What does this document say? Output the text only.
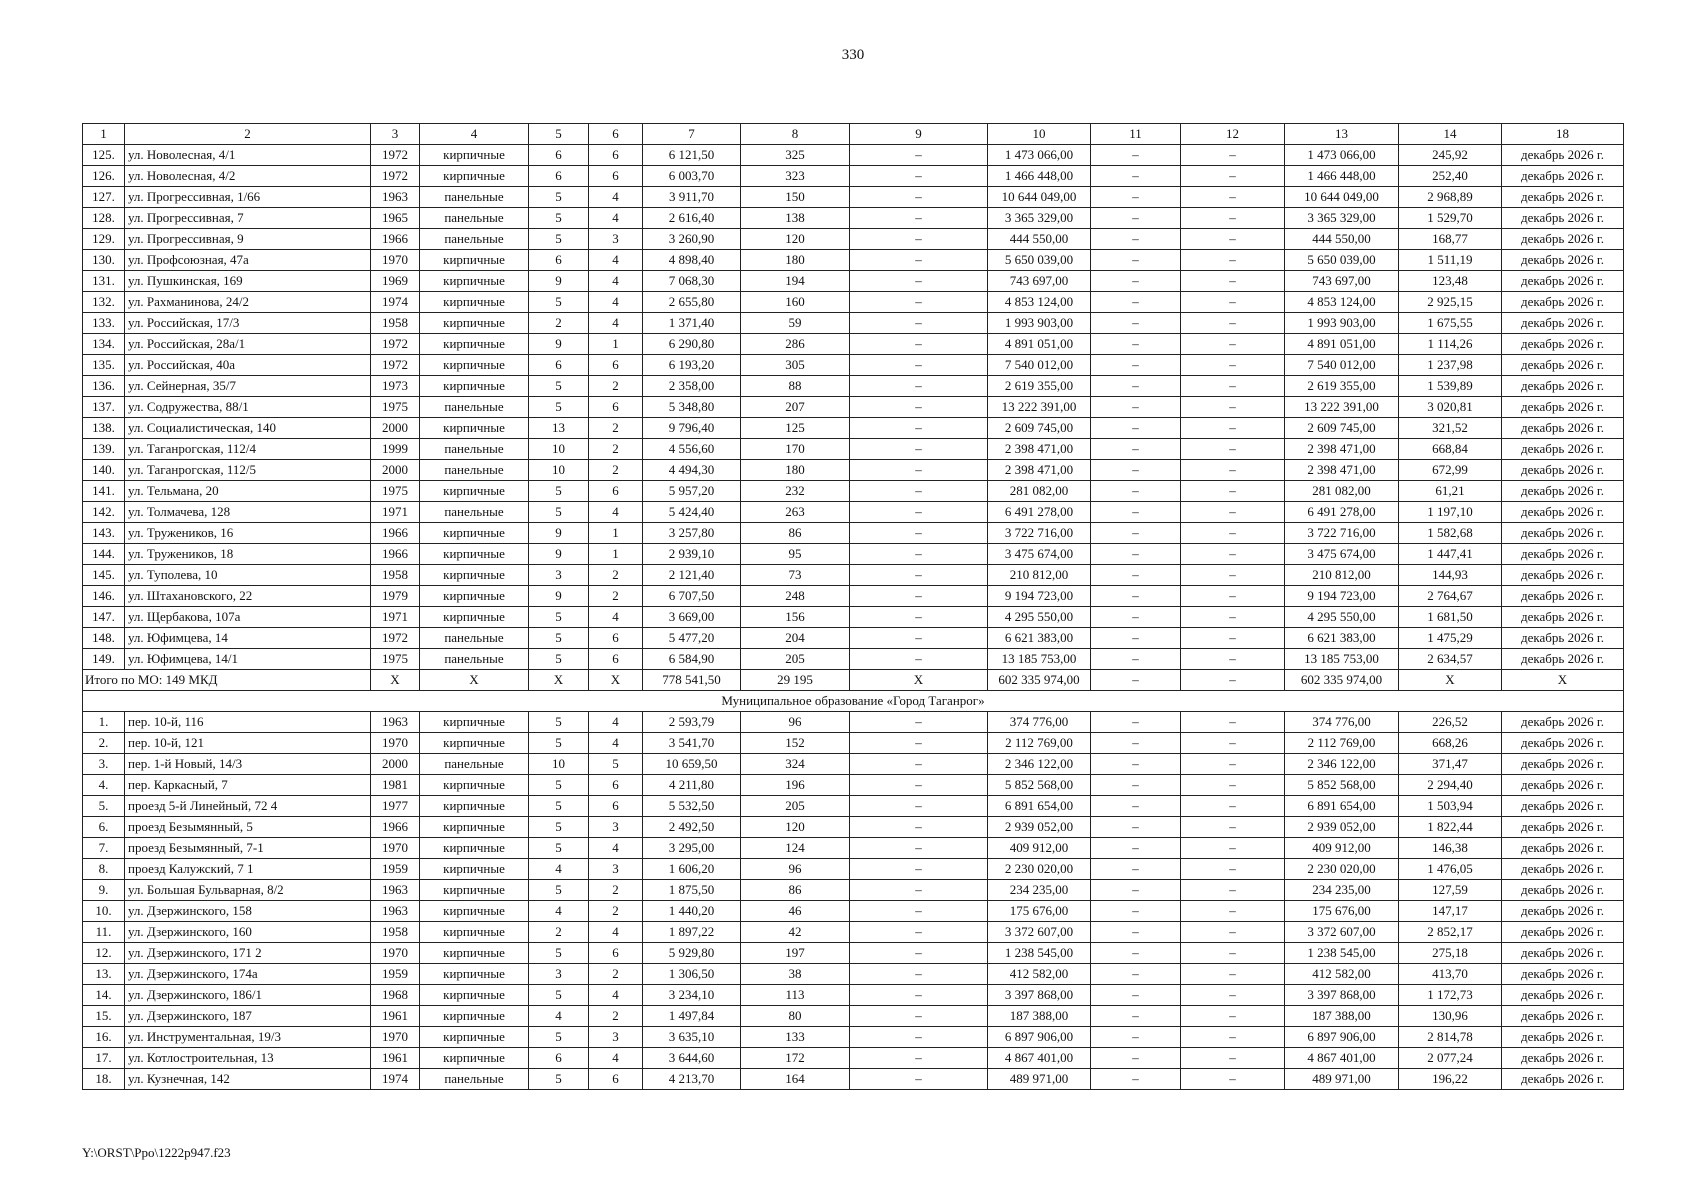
330
1	2	3	4	5	6	7	8	9	10	11	12	13	14	18
125.	ул. Новолесная, 4/1	1972	кирпичные	6	6	6 121,50	325	–	1 473 066,00	–	–	1 473 066,00	245,92	декабрь 2026 г.
126.	ул. Новолесная, 4/2	1972	кирпичные	6	6	6 003,70	323	–	1 466 448,00	–	–	1 466 448,00	252,40	декабрь 2026 г.
127.	ул. Прогрессивная, 1/66	1963	панельные	5	4	3 911,70	150	–	10 644 049,00	–	–	10 644 049,00	2 968,89	декабрь 2026 г.
128.	ул. Прогрессивная, 7	1965	панельные	5	4	2 616,40	138	–	3 365 329,00	–	–	3 365 329,00	1 529,70	декабрь 2026 г.
129.	ул. Прогрессивная, 9	1966	панельные	5	3	3 260,90	120	–	444 550,00	–	–	444 550,00	168,77	декабрь 2026 г.
130.	ул. Профсоюзная, 47а	1970	кирпичные	6	4	4 898,40	180	–	5 650 039,00	–	–	5 650 039,00	1 511,19	декабрь 2026 г.
131.	ул. Пушкинская, 169	1969	кирпичные	9	4	7 068,30	194	–	743 697,00	–	–	743 697,00	123,48	декабрь 2026 г.
132.	ул. Рахманинова, 24/2	1974	кирпичные	5	4	2 655,80	160	–	4 853 124,00	–	–	4 853 124,00	2 925,15	декабрь 2026 г.
133.	ул. Российская, 17/3	1958	кирпичные	2	4	1 371,40	59	–	1 993 903,00	–	–	1 993 903,00	1 675,55	декабрь 2026 г.
134.	ул. Российская, 28а/1	1972	кирпичные	9	1	6 290,80	286	–	4 891 051,00	–	–	4 891 051,00	1 114,26	декабрь 2026 г.
135.	ул. Российская, 40а	1972	кирпичные	6	6	6 193,20	305	–	7 540 012,00	–	–	7 540 012,00	1 237,98	декабрь 2026 г.
136.	ул. Сейнерная, 35/7	1973	кирпичные	5	2	2 358,00	88	–	2 619 355,00	–	–	2 619 355,00	1 539,89	декабрь 2026 г.
137.	ул. Содружества, 88/1	1975	панельные	5	6	5 348,80	207	–	13 222 391,00	–	–	13 222 391,00	3 020,81	декабрь 2026 г.
138.	ул. Социалистическая, 140	2000	кирпичные	13	2	9 796,40	125	–	2 609 745,00	–	–	2 609 745,00	321,52	декабрь 2026 г.
139.	ул. Таганрогская, 112/4	1999	панельные	10	2	4 556,60	170	–	2 398 471,00	–	–	2 398 471,00	668,84	декабрь 2026 г.
140.	ул. Таганрогская, 112/5	2000	панельные	10	2	4 494,30	180	–	2 398 471,00	–	–	2 398 471,00	672,99	декабрь 2026 г.
141.	ул. Тельмана, 20	1975	кирпичные	5	6	5 957,20	232	–	281 082,00	–	–	281 082,00	61,21	декабрь 2026 г.
142.	ул. Толмачева, 128	1971	панельные	5	4	5 424,40	263	–	6 491 278,00	–	–	6 491 278,00	1 197,10	декабрь 2026 г.
143.	ул. Тружеников, 16	1966	кирпичные	9	1	3 257,80	86	–	3 722 716,00	–	–	3 722 716,00	1 582,68	декабрь 2026 г.
144.	ул. Тружеников, 18	1966	кирпичные	9	1	2 939,10	95	–	3 475 674,00	–	–	3 475 674,00	1 447,41	декабрь 2026 г.
145.	ул. Туполева, 10	1958	кирпичные	3	2	2 121,40	73	–	210 812,00	–	–	210 812,00	144,93	декабрь 2026 г.
146.	ул. Штахановского, 22	1979	кирпичные	9	2	6 707,50	248	–	9 194 723,00	–	–	9 194 723,00	2 764,67	декабрь 2026 г.
147.	ул. Щербакова, 107а	1971	кирпичные	5	4	3 669,00	156	–	4 295 550,00	–	–	4 295 550,00	1 681,50	декабрь 2026 г.
148.	ул. Юфимцева, 14	1972	панельные	5	6	5 477,20	204	–	6 621 383,00	–	–	6 621 383,00	1 475,29	декабрь 2026 г.
149.	ул. Юфимцева, 14/1	1975	панельные	5	6	6 584,90	205	–	13 185 753,00	–	–	13 185 753,00	2 634,57	декабрь 2026 г.
Итого по МО: 149 МКД		X	X	X	X	778 541,50	29 195	X	602 335 974,00	–	–	602 335 974,00	X	X
Муниципальное образование «Город Таганрог»														
1.	пер. 10-й, 116	1963	кирпичные	5	4	2 593,79	96	–	374 776,00	–	–	374 776,00	226,52	декабрь 2026 г.
2.	пер. 10-й, 121	1970	кирпичные	5	4	3 541,70	152	–	2 112 769,00	–	–	2 112 769,00	668,26	декабрь 2026 г.
3.	пер. 1-й Новый, 14/3	2000	панельные	10	5	10 659,50	324	–	2 346 122,00	–	–	2 346 122,00	371,47	декабрь 2026 г.
4.	пер. Каркасный, 7	1981	кирпичные	5	6	4 211,80	196	–	5 852 568,00	–	–	5 852 568,00	2 294,40	декабрь 2026 г.
5.	проезд 5-й Линейный, 72 4	1977	кирпичные	5	6	5 532,50	205	–	6 891 654,00	–	–	6 891 654,00	1 503,94	декабрь 2026 г.
6.	проезд Безымянный, 5	1966	кирпичные	5	3	2 492,50	120	–	2 939 052,00	–	–	2 939 052,00	1 822,44	декабрь 2026 г.
7.	проезд Безымянный, 7-1	1970	кирпичные	5	4	3 295,00	124	–	409 912,00	–	–	409 912,00	146,38	декабрь 2026 г.
8.	проезд Калужский, 7 1	1959	кирпичные	4	3	1 606,20	96	–	2 230 020,00	–	–	2 230 020,00	1 476,05	декабрь 2026 г.
9.	ул. Большая Бульварная, 8/2	1963	кирпичные	5	2	1 875,50	86	–	234 235,00	–	–	234 235,00	127,59	декабрь 2026 г.
10.	ул. Дзержинского, 158	1963	кирпичные	4	2	1 440,20	46	–	175 676,00	–	–	175 676,00	147,17	декабрь 2026 г.
11.	ул. Дзержинского, 160	1958	кирпичные	2	4	1 897,22	42	–	3 372 607,00	–	–	3 372 607,00	2 852,17	декабрь 2026 г.
12.	ул. Дзержинского, 171 2	1970	кирпичные	5	6	5 929,80	197	–	1 238 545,00	–	–	1 238 545,00	275,18	декабрь 2026 г.
13.	ул. Дзержинского, 174а	1959	кирпичные	3	2	1 306,50	38	–	412 582,00	–	–	412 582,00	413,70	декабрь 2026 г.
14.	ул. Дзержинского, 186/1	1968	кирпичные	5	4	3 234,10	113	–	3 397 868,00	–	–	3 397 868,00	1 172,73	декабрь 2026 г.
15.	ул. Дзержинского, 187	1961	кирпичные	4	2	1 497,84	80	–	187 388,00	–	–	187 388,00	130,96	декабрь 2026 г.
16.	ул. Инструментальная, 19/3	1970	кирпичные	5	3	3 635,10	133	–	6 897 906,00	–	–	6 897 906,00	2 814,78	декабрь 2026 г.
17.	ул. Котлостроительная, 13	1961	кирпичные	6	4	3 644,60	172	–	4 867 401,00	–	–	4 867 401,00	2 077,24	декабрь 2026 г.
18.	ул. Кузнечная, 142	1974	панельные	5	6	4 213,70	164	–	489 971,00	–	–	489 971,00	196,22	декабрь 2026 г.
Y:\ORST\Ppo\1222p947.f23
